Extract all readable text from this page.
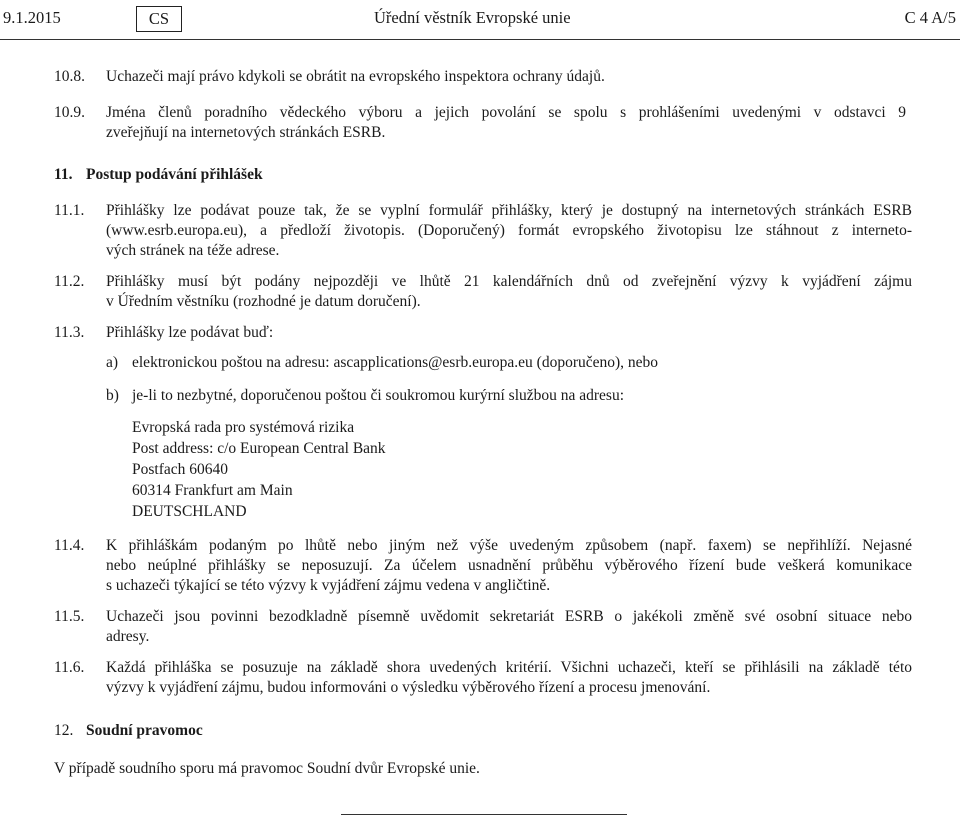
9.1.2015	CS	Úřední věstník Evropské unie	C 4 A/5
10.8. Uchazeči mají právo kdykoli se obrátit na evropského inspektora ochrany údajů.
10.9. Jména členů poradního vědeckého výboru a jejich povolání se spolu s prohlášeními uvedenými v odstavci 9
zveřejňují na internetových stránkách ESRB.
11. Postup podávání přihlášek
11.1. Přihlášky lze podávat pouze tak, že se vyplní formulář přihlášky, který je dostupný na internetových stránkách ESRB
(www.esrb.europa.eu), a předloží životopis. (Doporučený) formát evropského životopisu lze stáhnout z interneto-
vých stránek na téže adrese.
11.2. Přihlášky musí být podány nejpozději ve lhůtě 21 kalendářních dnů od zveřejnění výzvy k vyjádření zájmu
v Úředním věstníku (rozhodné je datum doručení).
11.3. Přihlášky lze podávat buď:
a) elektronickou poštou na adresu: ascapplications@esrb.europa.eu (doporučeno), nebo
b) je-li to nezbytné, doporučenou poštou či soukromou kurýrní službou na adresu:
Evropská rada pro systémová rizika
Post address: c/o European Central Bank
Postfach 60640
60314 Frankfurt am Main
DEUTSCHLAND
11.4. K přihláškám podaným po lhůtě nebo jiným než výše uvedeným způsobem (např. faxem) se nepřihlíží. Nejasné
nebo neúplné přihlášky se neposuzují. Za účelem usnadnění průběhu výběrového řízení bude veškerá komunikace
s uchazeči týkající se této výzvy k vyjádření zájmu vedena v angličtině.
11.5. Uchazeči jsou povinni bezodkladně písemně uvědomit sekretariát ESRB o jakékoli změně své osobní situace nebo
adresy.
11.6. Každá přihláška se posuzuje na základě shora uvedených kritérií. Všichni uchazeči, kteří se přihlásili na základě této
výzvy k vyjádření zájmu, budou informováni o výsledku výběrového řízení a procesu jmenování.
12. Soudní pravomoc
V případě soudního sporu má pravomoc Soudní dvůr Evropské unie.
